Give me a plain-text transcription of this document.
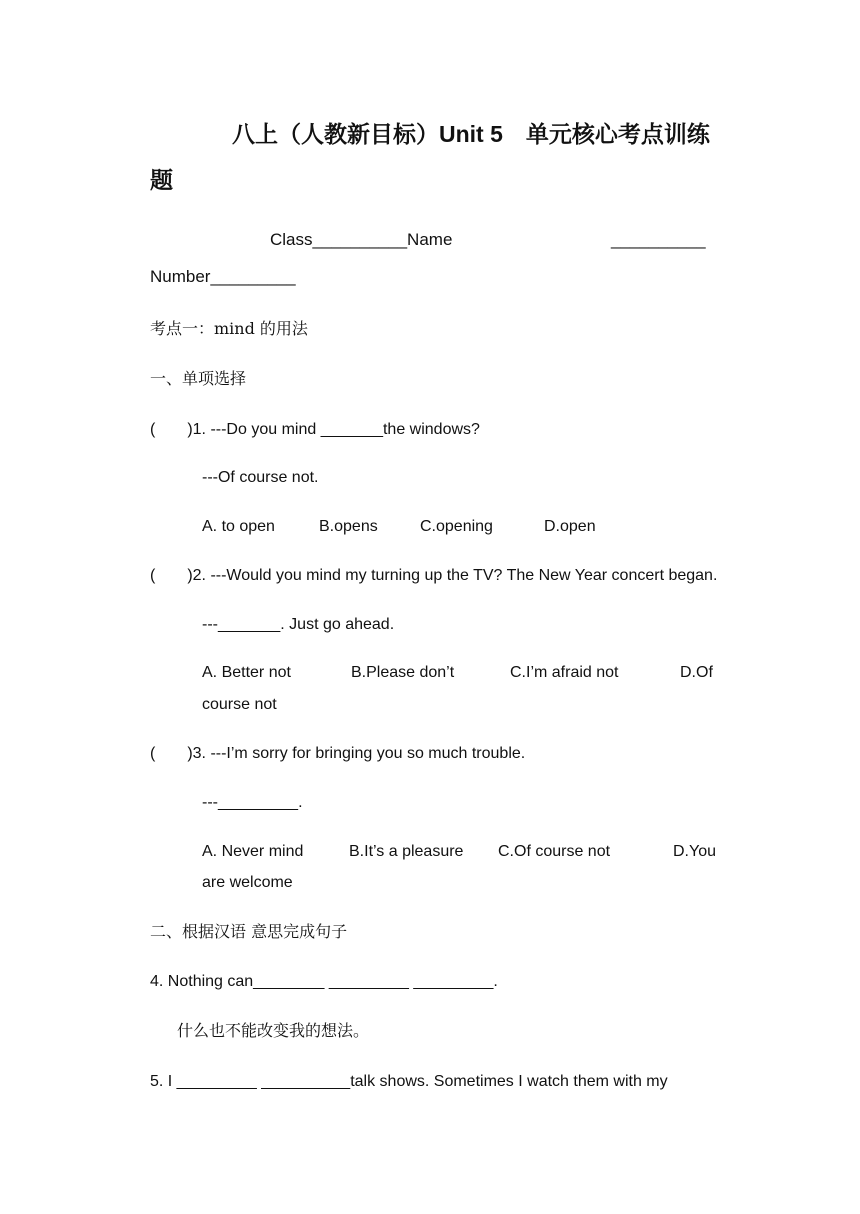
八上（人教新目标）Unit 5　单元核心考点训练
题
Class__________Name	__________
Number_________
考点一：mind 的用法
一、单项选择
(　　)1. ---Do you mind _______the windows?
---Of course not.
A. to open	B.opens	C.opening	D.open
(　　)2. ---Would you mind my turning up the TV? The New Year concert began.
---_______. Just go ahead.
A. Better not	B.Please don’t	C.I’m afraid not	D.Of
course not
(　　)3. ---I’m sorry for bringing you so much trouble.
---_________.
A. Never mind	B.It’s a pleasure C.Of course not	D.You
are welcome
二、根据汉语 意思完成句子
4. Nothing can________ _________ _________.
什么也不能改变我的想法。
5. I _________ __________talk shows. Sometimes I watch them with my
